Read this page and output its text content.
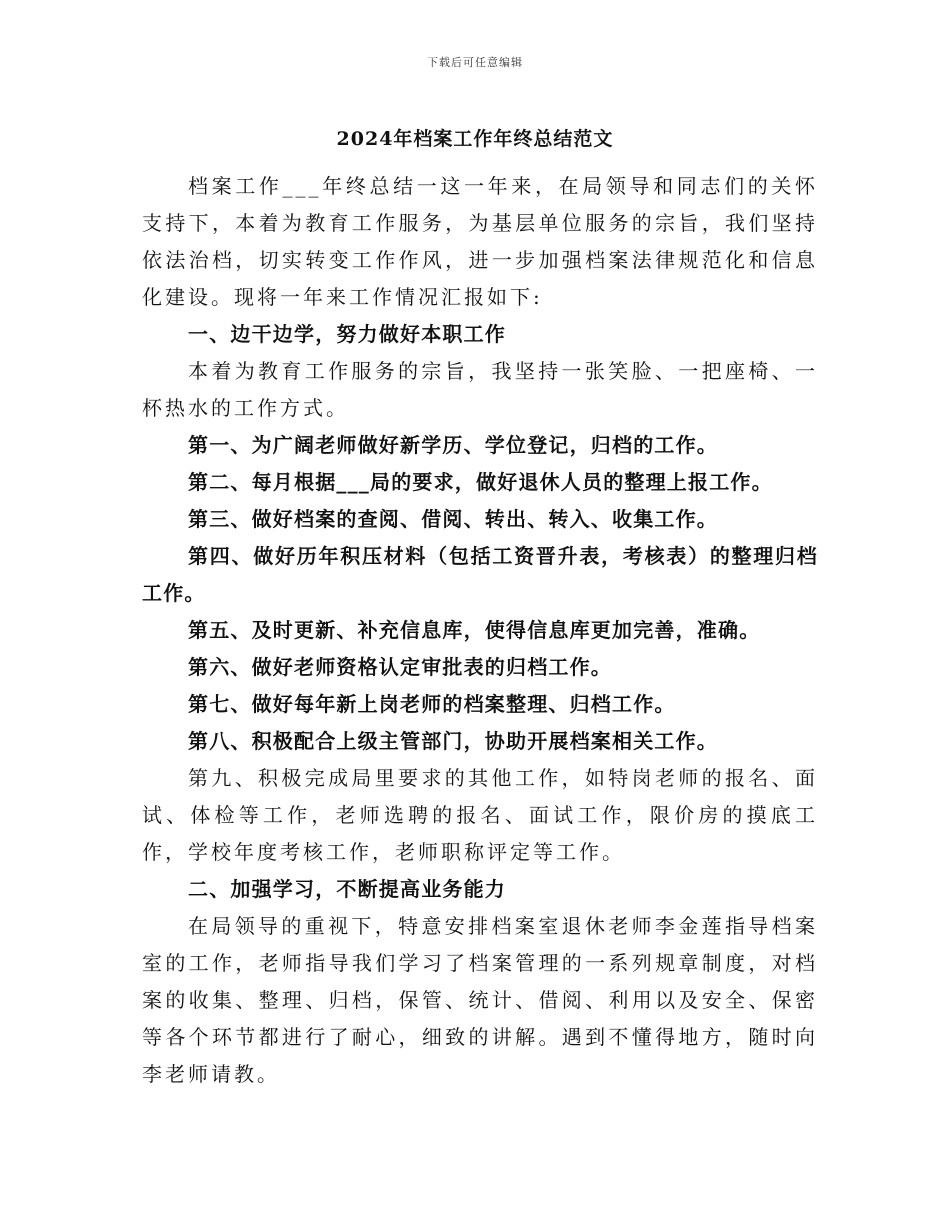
下载后可任意编辑
2024年档案工作年终总结范文

档案工作___年终总结一这一年来，在局领导和同志们的关怀支持下，本着为教育工作服务，为基层单位服务的宗旨，我们坚持依法治档，切实转变工作作风，进一步加强档案法律规范化和信息化建设。现将一年来工作情况汇报如下:

一、边干边学，努力做好本职工作

本着为教育工作服务的宗旨，我坚持一张笑脸、一把座椅、一杯热水的工作方式。

第一、为广阔老师做好新学历、学位登记，归档的工作。

第二、每月根据___局的要求，做好退休人员的整理上报工作。

第三、做好档案的查阅、借阅、转出、转入、收集工作。

第四、做好历年积压材料（包括工资晋升表，考核表）的整理归档工作。

第五、及时更新、补充信息库，使得信息库更加完善，准确。

第六、做好老师资格认定审批表的归档工作。

第七、做好每年新上岗老师的档案整理、归档工作。

第八、积极配合上级主管部门，协助开展档案相关工作。

第九、积极完成局里要求的其他工作，如特岗老师的报名、面试、体检等工作，老师选聘的报名、面试工作，限价房的摸底工作，学校年度考核工作，老师职称评定等工作。

二、加强学习，不断提高业务能力

在局领导的重视下，特意安排档案室退休老师李金莲指导档案室的工作，老师指导我们学习了档案管理的一系列规章制度，对档案的收集、整理、归档，保管、统计、借阅、利用以及安全、保密等各个环节都进行了耐心，细致的讲解。遇到不懂得地方，随时向李老师请教。
